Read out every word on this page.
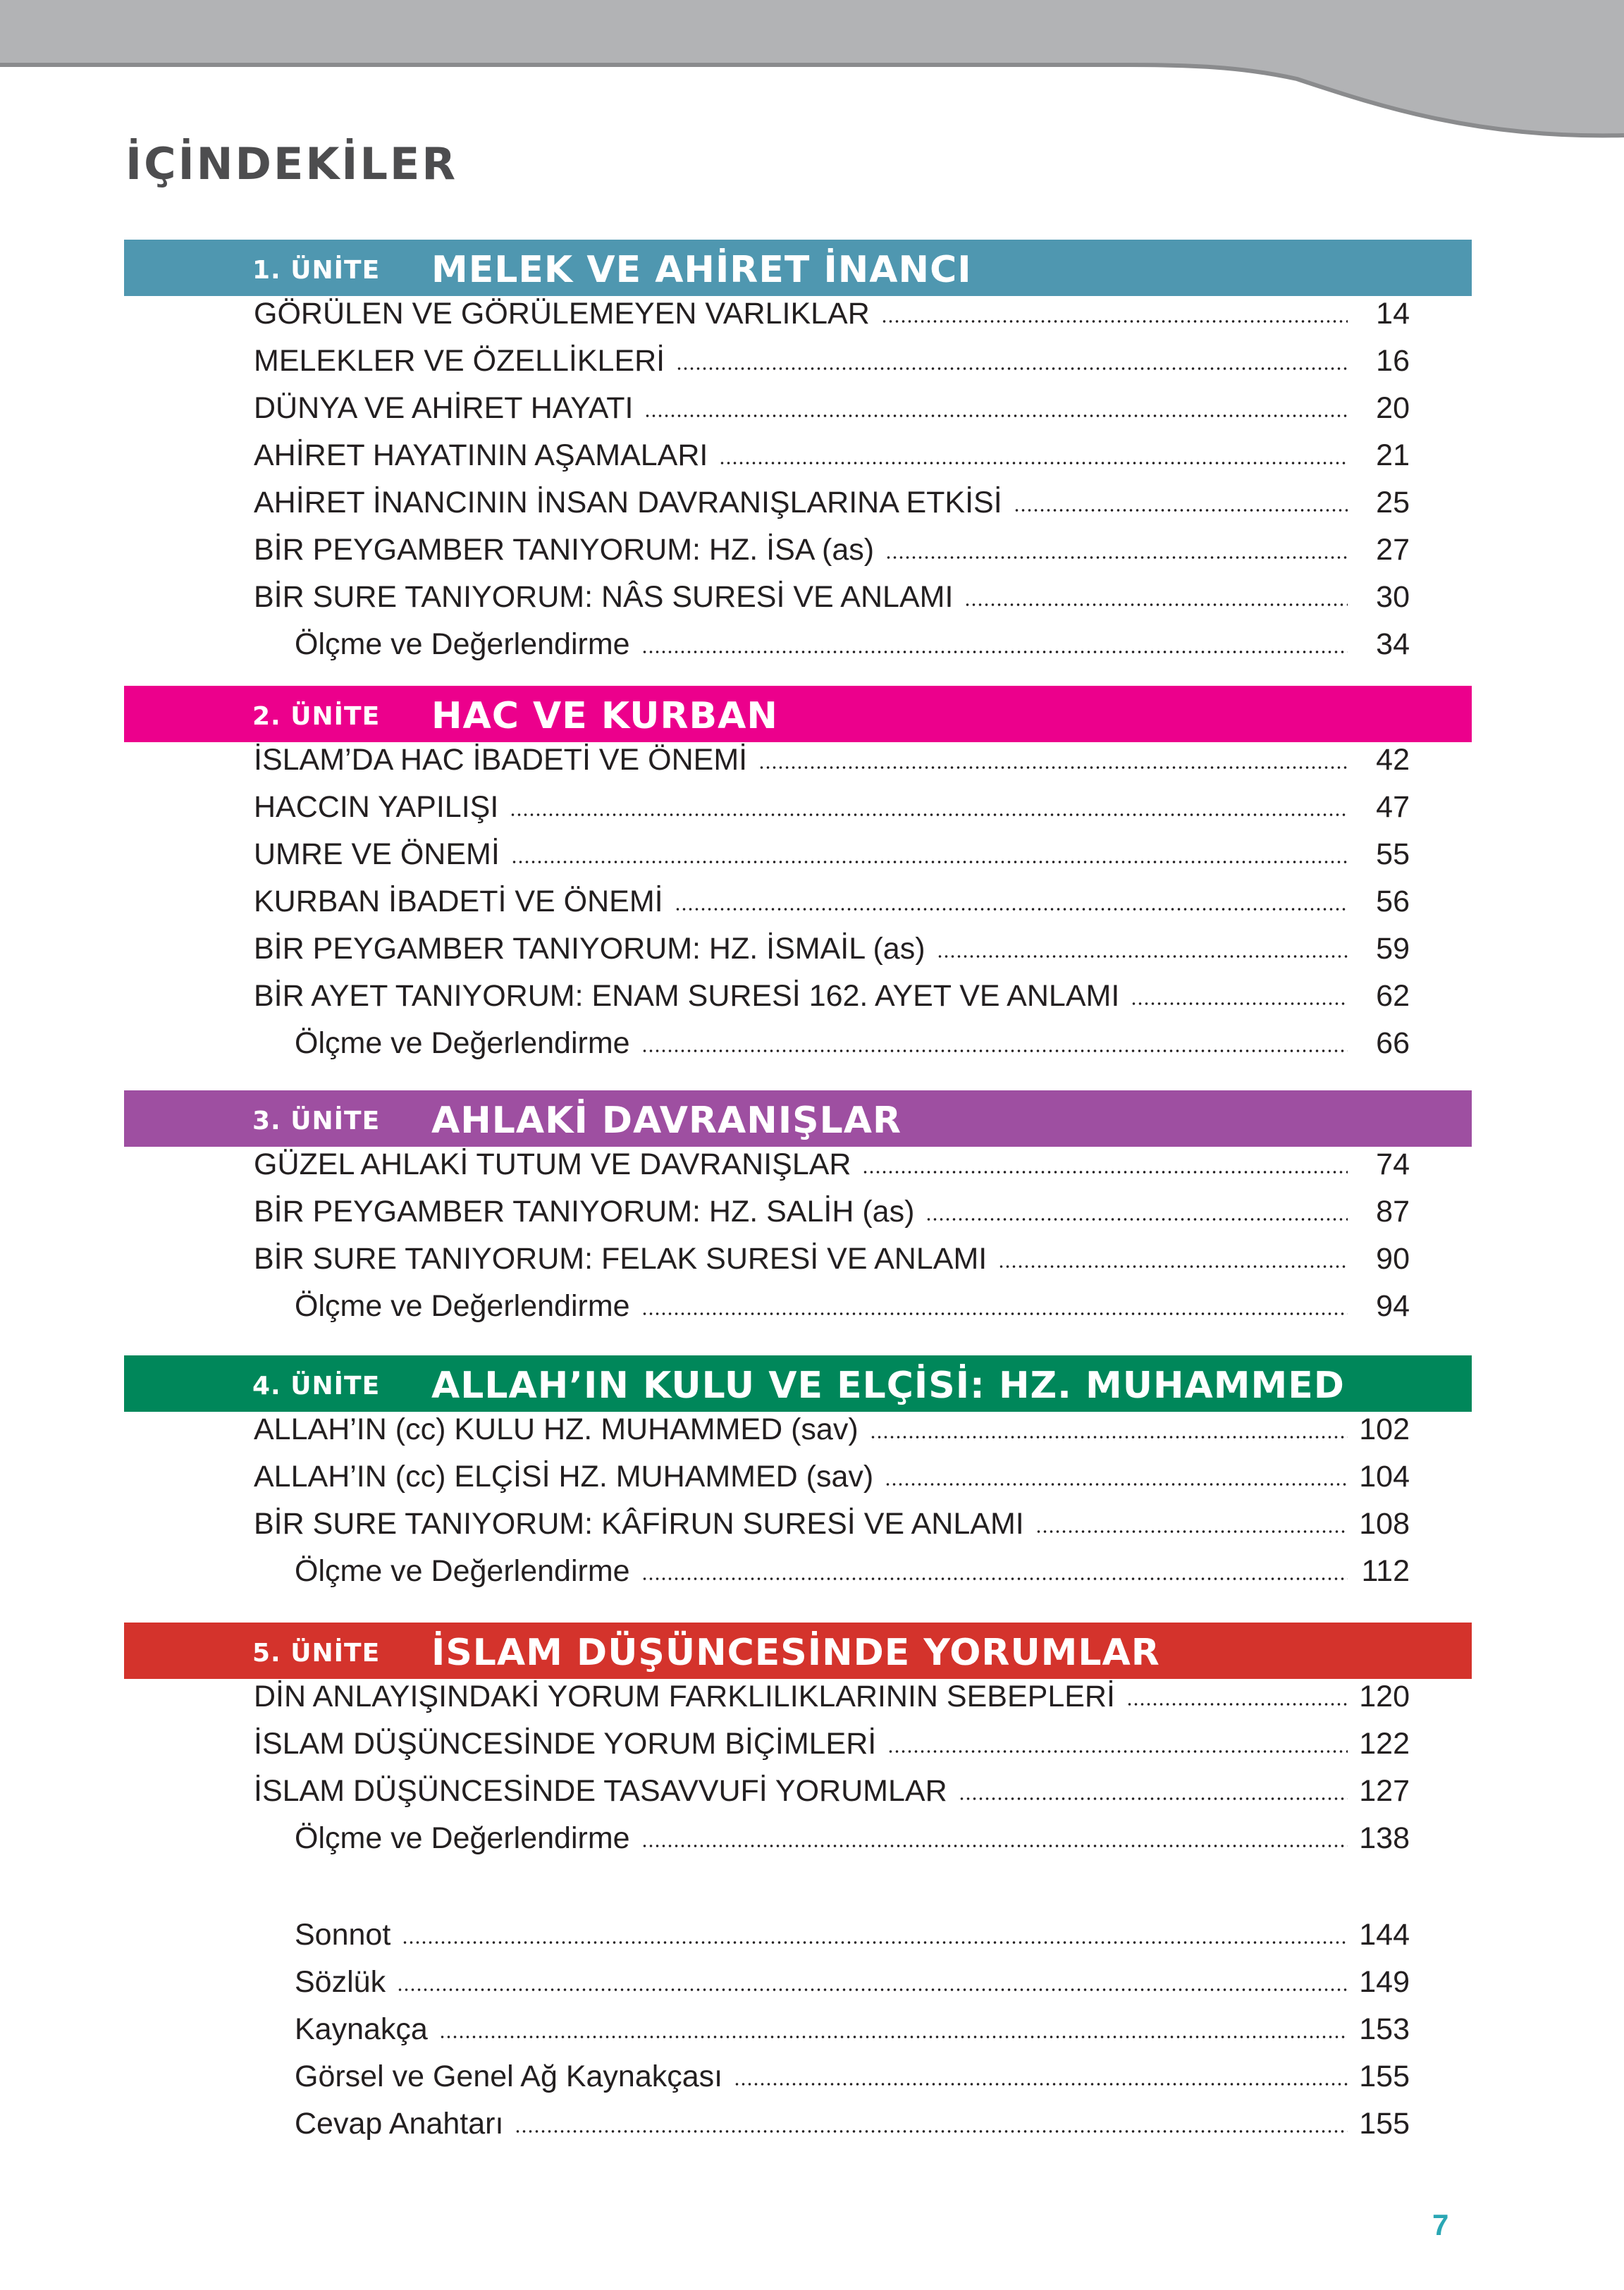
İÇİNDEKİLER
1. ÜNİTE MELEK VE AHİRET İNANCI
GÖRÜLEN VE GÖRÜLEMEYEN VARLIKLAR	14
MELEKLER VE ÖZELLİKLERİ	16
DÜNYA VE AHİRET HAYATI	20
AHİRET HAYATININ AŞAMALARI	21
AHİRET İNANCININ İNSAN DAVRANIŞLARINA ETKİSİ	25
BİR PEYGAMBER TANIYORUM: HZ. İSA (as)	27
BİR SURE TANIYORUM: NÂS SURESİ VE ANLAMI	30
Ölçme ve Değerlendirme	34
2. ÜNİTE HAC VE KURBAN
İSLAM’DA HAC İBADETİ VE ÖNEMİ	42
HACCIN YAPILIŞI	47
UMRE VE ÖNEMİ	55
KURBAN İBADETİ VE ÖNEMİ	56
BİR PEYGAMBER TANIYORUM: HZ. İSMAİL (as)	59
BİR AYET TANIYORUM: ENAM SURESİ 162. AYET VE ANLAMI	62
Ölçme ve Değerlendirme	66
3. ÜNİTE AHLAKİ DAVRANIŞLAR
GÜZEL AHLAKİ TUTUM VE DAVRANIŞLAR	74
BİR PEYGAMBER TANIYORUM: HZ. SALİH (as)	87
BİR SURE TANIYORUM: FELAK SURESİ VE ANLAMI	90
Ölçme ve Değerlendirme	94
4. ÜNİTE ALLAH’IN KULU VE ELÇİSİ: HZ. MUHAMMED
ALLAH’IN (cc) KULU HZ. MUHAMMED (sav)	102
ALLAH’IN (cc) ELÇİSİ HZ. MUHAMMED (sav)	104
BİR SURE TANIYORUM: KÂFİRUN SURESİ VE ANLAMI	108
Ölçme ve Değerlendirme	112
5. ÜNİTE İSLAM DÜŞÜNCESİNDE YORUMLAR
DİN ANLAYIŞINDAKİ YORUM FARKLILIKLARININ SEBEPLERİ	120
İSLAM DÜŞÜNCESİNDE YORUM BİÇİMLERİ	122
İSLAM DÜŞÜNCESİNDE TASAVVUFİ YORUMLAR	127
Ölçme ve Değerlendirme	138
Sonnot	144
Sözlük	149
Kaynakça	153
Görsel ve Genel Ağ Kaynakçası	155
Cevap Anahtarı	155
7
